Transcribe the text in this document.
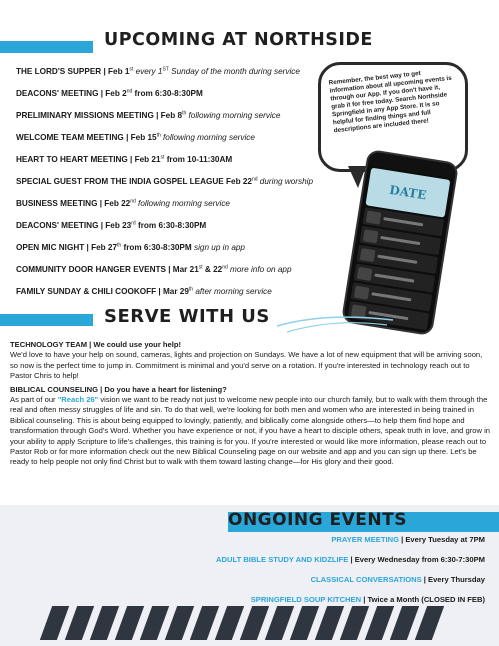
UPCOMING AT NORTHSIDE
THE LORD'S SUPPER | Feb 1st every 1ST Sunday of the month during service
DEACONS' MEETING | Feb 2nd from 6:30-8:30PM
PRELIMINARY MISSIONS MEETING | Feb 8th following morning service
WELCOME TEAM MEETING | Feb 15th following morning service
HEART TO HEART MEETING | Feb 21st from 10-11:30AM
SPECIAL GUEST FROM THE INDIA GOSPEL LEAGUE Feb 22nd during worship
BUSINESS MEETING | Feb 22nd following morning service
DEACONS' MEETING | Feb 23rd from 6:30-8:30PM
OPEN MIC NIGHT | Feb 27th from 6:30-8:30PM sign up in app
COMMUNITY DOOR HANGER EVENTS | Mar 21st & 22nd more info on app
FAMILY SUNDAY & CHILI COOKOFF | Mar 29th after morning service
Remember, the best way to get information about all upcoming events is through our App. If you don't have it, grab it for free today. Search Northside Springfield in any App Store. It is so helpful for finding things and full descriptions are included there!
DATE
SERVE WITH US

TECHNOLOGY TEAM | We could use your help!

We'd love to have your help on sound, cameras, lights and projection on Sundays. We have a lot of new equipment that will be arriving soon, so now is the perfect time to jump in. Commitment is minimal and you'd serve on a rotation. If you're interested in technology reach out to Pastor Chris to help!

BIBLICAL COUNSELING | Do you have a heart for listening?

As part of our "Reach 26" vision we want to be ready not just to welcome new people into our church family, but to walk with them through the real and often messy struggles of life and sin. To do that well, we're looking for both men and women who are interested in being trained in Biblical counseling. This is about being equipped to lovingly, patiently, and biblically come alongside others—to help them find hope and transformation through God's Word. Whether you have experience or not, if you have a heart to disciple others, speak truth in love, and grow in your ability to apply Scripture to life's challenges, this training is for you. If you're interested or would like more information, please reach out to Pastor Rob or for more information check out the new Biblical Counseling page on our website and app and you can sign up there. Let's be ready to help people not only find Christ but to walk with them toward lasting change—for His glory and their good.

ONGOING EVENTS
PRAYER MEETING | Every Tuesday at 7PM
ADULT BIBLE STUDY AND KIDZLIFE | Every Wednesday from 6:30-7:30PM
CLASSICAL CONVERSATIONS | Every Thursday
SPRINGFIELD SOUP KITCHEN | Twice a Month (CLOSED IN FEB)
